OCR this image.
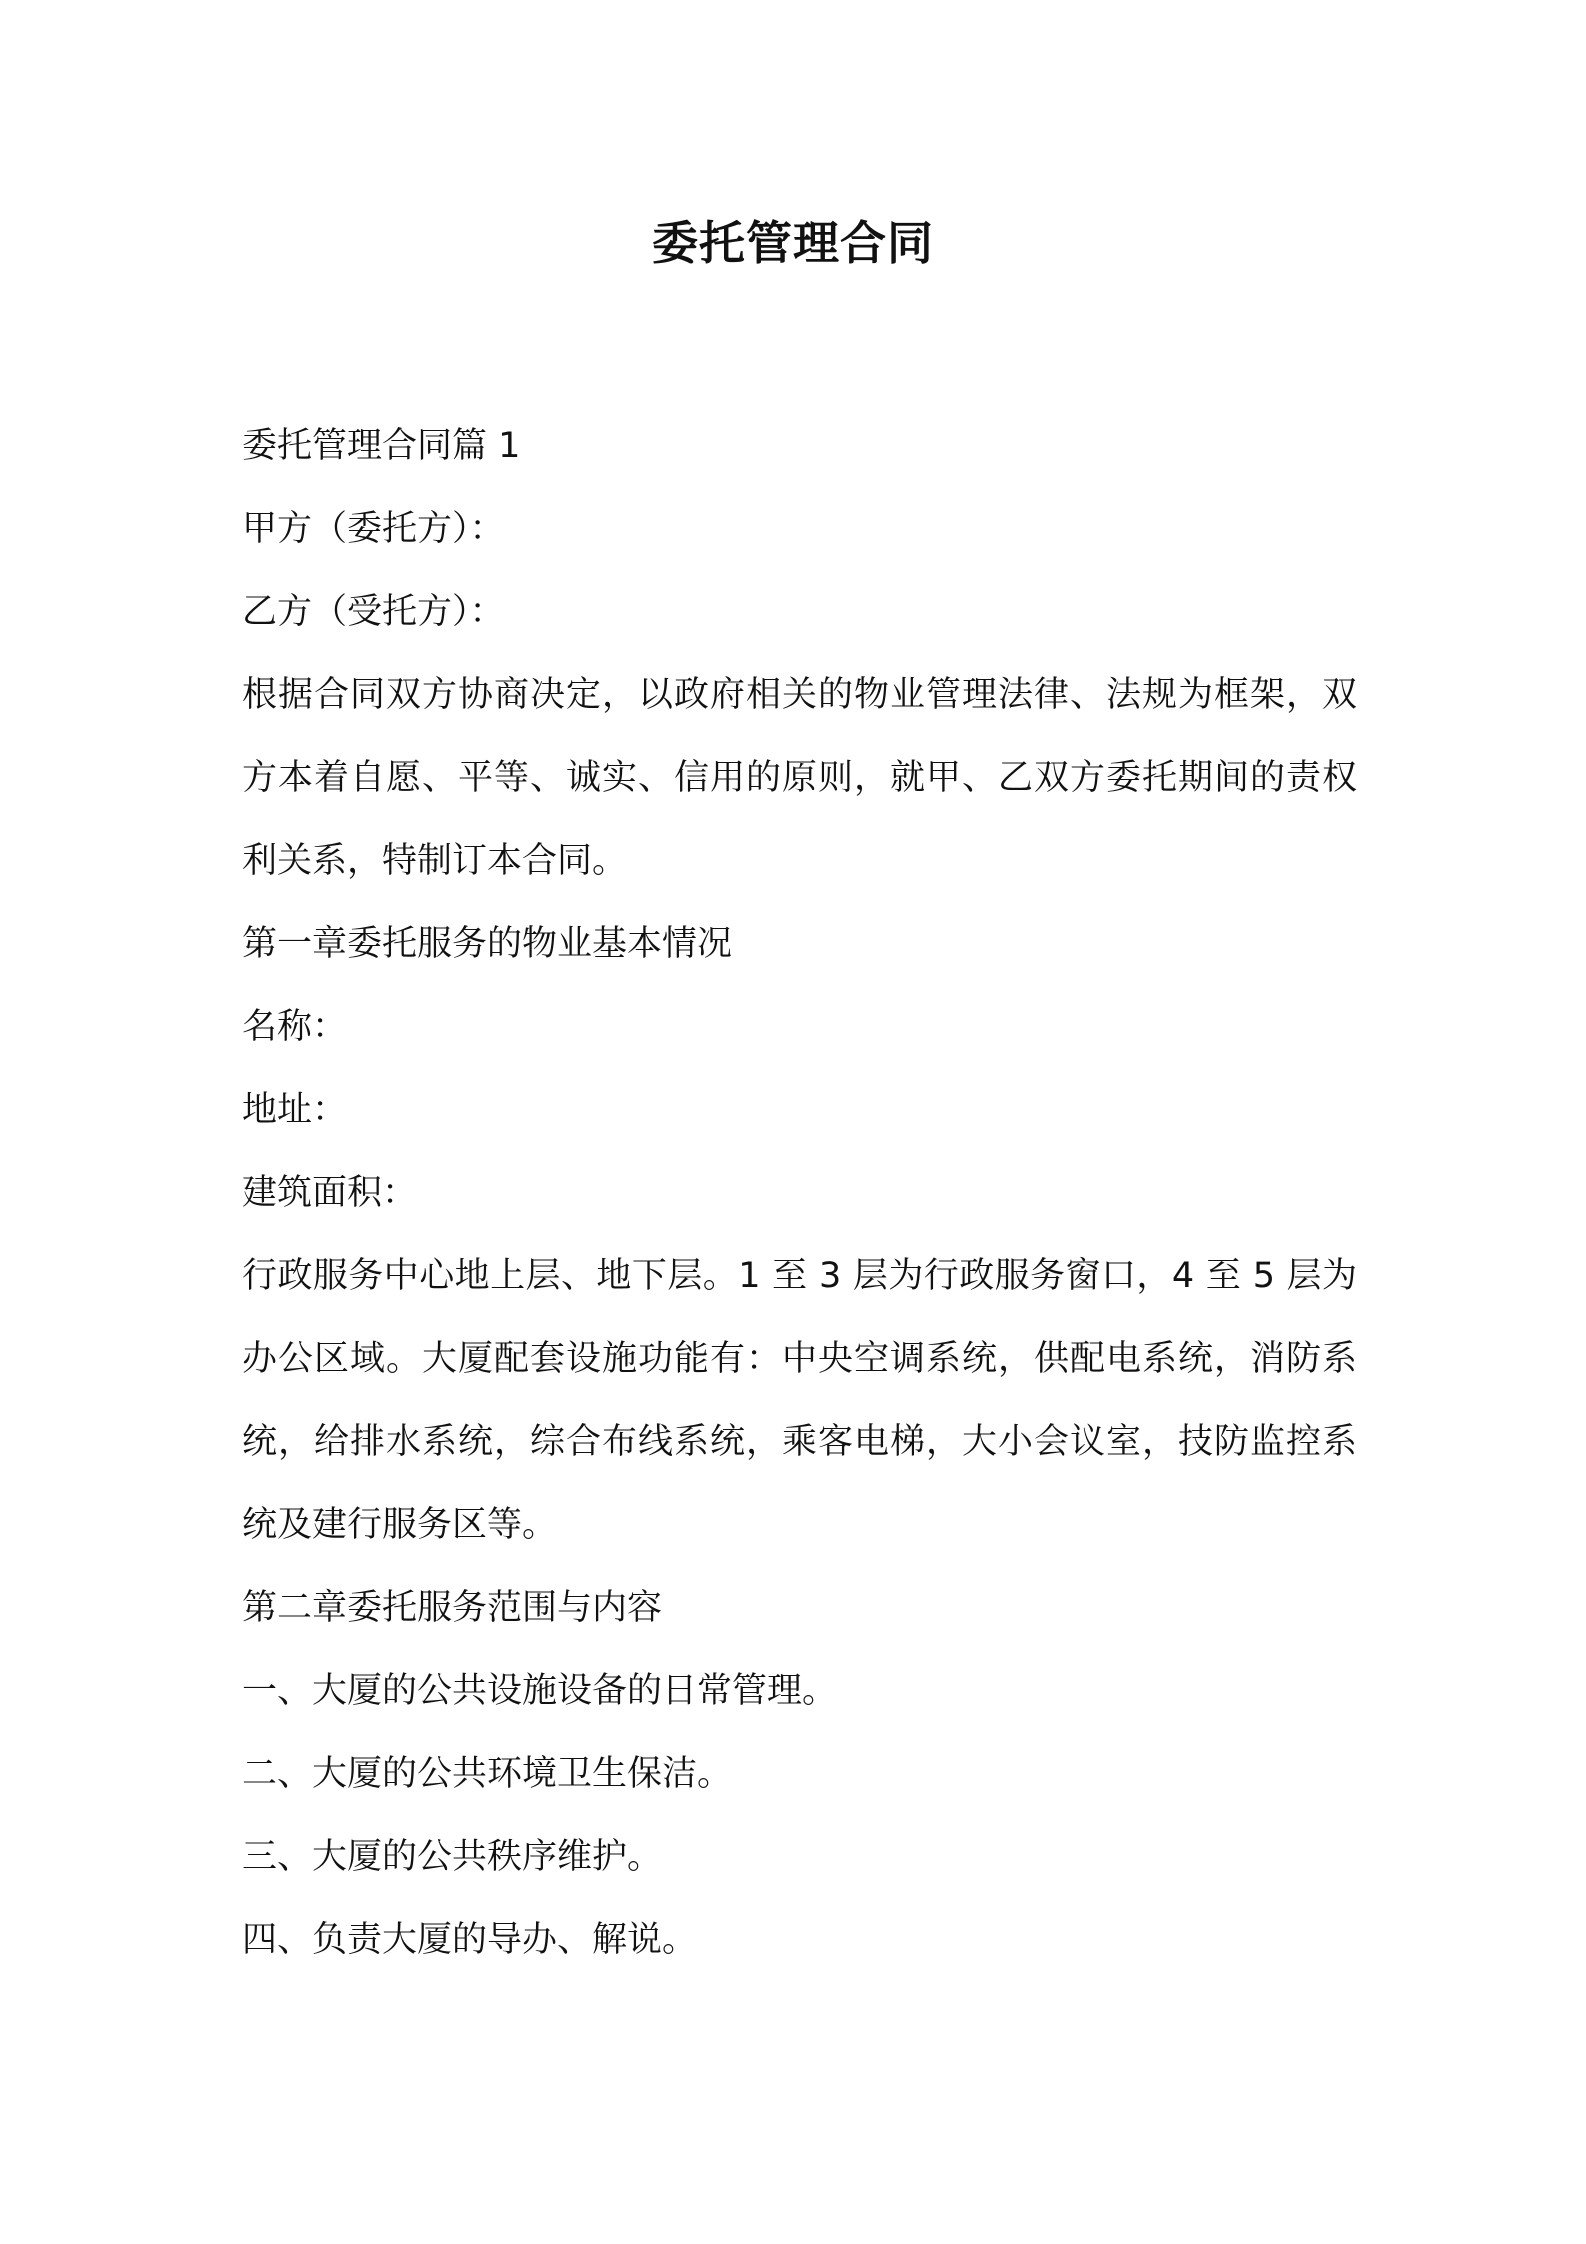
委托管理合同
委托管理合同篇 1
甲方（委托方）：
乙方（受托方）：

根据合同双方协商决定，以政府相关的物业管理法律、法规为框架，双方本着自愿、平等、诚实、信用的原则，就甲、乙双方委托期间的责权利关系，特制订本合同。

第一章委托服务的物业基本情况
名称：
地址：
建筑面积：

行政服务中心地上层、地下层。1 至 3 层为行政服务窗口，4 至 5 层为办公区域。大厦配套设施功能有：中央空调系统，供配电系统，消防系统，给排水系统，综合布线系统，乘客电梯，大小会议室，技防监控系统及建行服务区等。

第二章委托服务范围与内容
一、大厦的公共设施设备的日常管理。
二、大厦的公共环境卫生保洁。
三、大厦的公共秩序维护。
四、负责大厦的导办、解说。
